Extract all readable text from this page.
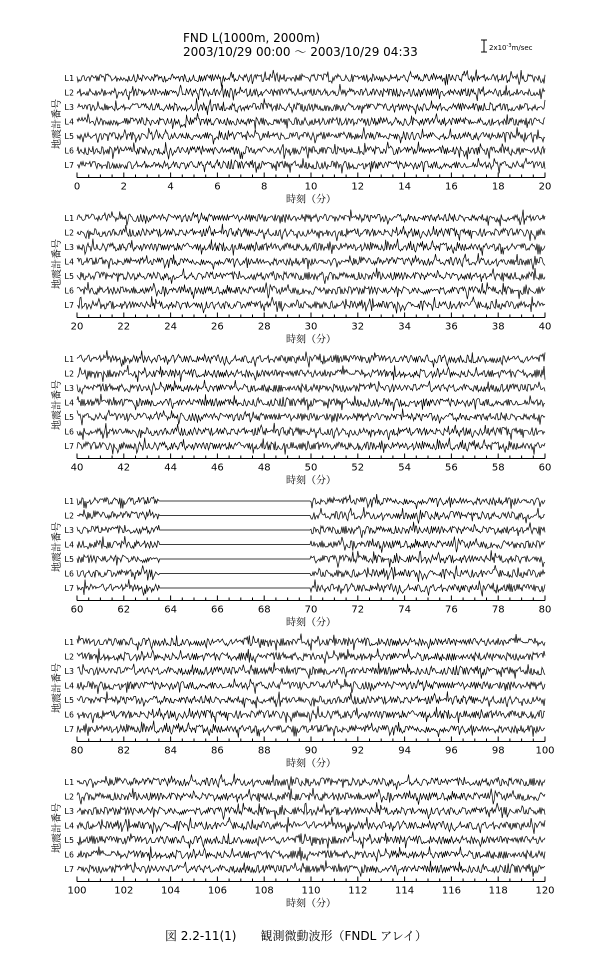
FND L(1000m, 2000m)
2003/10/29 00:00 ～ 2003/10/29 04:33	$2x10^{-3}m/\sec$
地震計番号
L1
L2
L3
L4
L5
L6
L7
0	2	4	6	8	10	12	14	16	18	20
時刻（分）
地震計番号
L1
L2
L3
L4
L5
L6
L7
20	22	24	26	28	30	32	34	36	38	40
時刻（分）
地震計番号
L1
L2
L3
L4
L5
L6
L7
40	42	44	46	48	50	52	54	56	58	60
時刻（分）
地震計番号
L1
L2
L3
L4
L5
L6
L7
60	62	64	66	68	70	72	74	76	78	80
時刻（分）
地震計番号
L1
L2
L3
L4
L5
L6
L7
80	82	84	86	88	90	92	94	96	98	100
時刻（分）
地震計番号
L1
L2
L3
L4
L5
L6
L7
100	102	104	106	108	110	112	114	116	118	120
時刻（分）
図 2.2-11(1)　　観測微動波形（FNDL アレイ）
